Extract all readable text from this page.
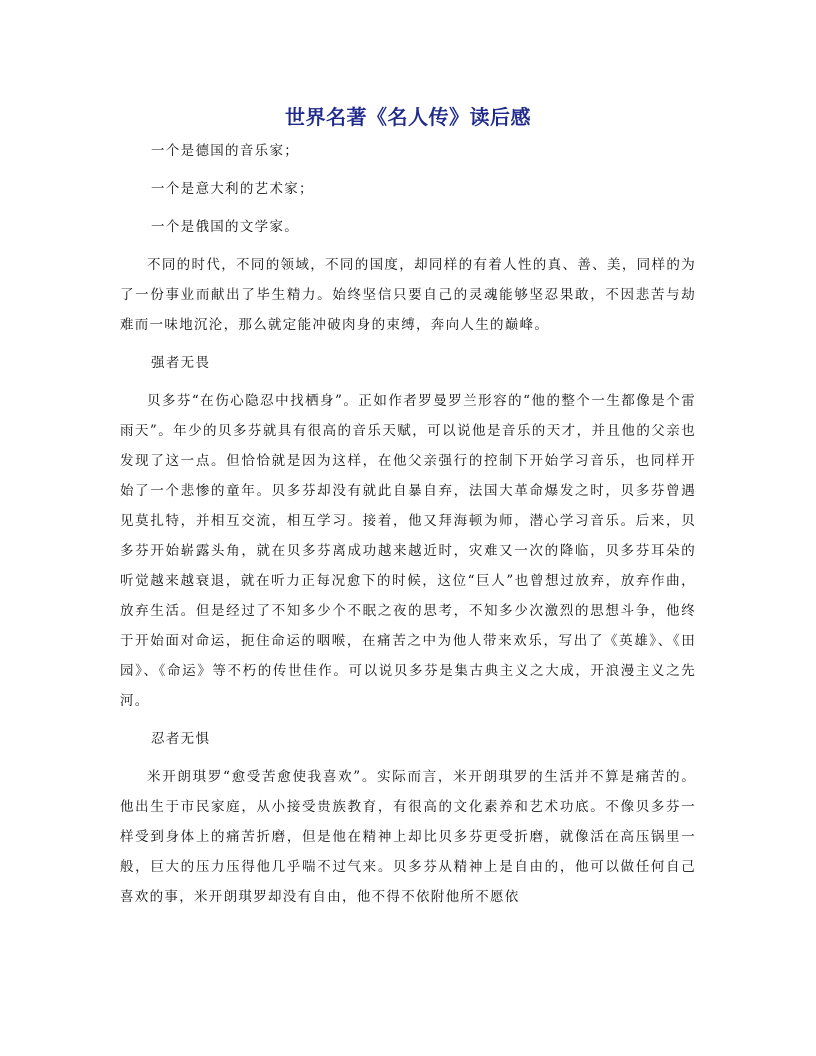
世界名著《名人传》读后感

一个是德国的音乐家；

一个是意大利的艺术家；

一个是俄国的文学家。

不同的时代，不同的领域，不同的国度，却同样的有着人性的真、善、美，同样的为了一份事业而献出了毕生精力。始终坚信只要自己的灵魂能够坚忍果敢，不因悲苦与劫难而一味地沉沦，那么就定能冲破肉身的束缚，奔向人生的巅峰。

强者无畏

贝多芬“在伤心隐忍中找栖身”。正如作者罗曼罗兰形容的“他的整个一生都像是个雷雨天”。年少的贝多芬就具有很高的音乐天赋，可以说他是音乐的天才，并且他的父亲也发现了这一点。但恰恰就是因为这样，在他父亲强行的控制下开始学习音乐，也同样开始了一个悲惨的童年。贝多芬却没有就此自暴自弃，法国大革命爆发之时，贝多芬曾遇见莫扎特，并相互交流，相互学习。接着，他又拜海顿为师，潜心学习音乐。后来，贝多芬开始崭露头角，就在贝多芬离成功越来越近时，灾难又一次的降临，贝多芬耳朵的听觉越来越衰退，就在听力正每况愈下的时候，这位“巨人”也曾想过放弃，放弃作曲，放弃生活。但是经过了不知多少个不眠之夜的思考，不知多少次激烈的思想斗争，他终于开始面对命运，扼住命运的咽喉，在痛苦之中为他人带来欢乐，写出了《英雄》、《田园》、《命运》等不朽的传世佳作。可以说贝多芬是集古典主义之大成，开浪漫主义之先河。

忍者无惧

米开朗琪罗“愈受苦愈使我喜欢”。实际而言，米开朗琪罗的生活并不算是痛苦的。他出生于市民家庭，从小接受贵族教育，有很高的文化素养和艺术功底。不像贝多芬一样受到身体上的痛苦折磨，但是他在精神上却比贝多芬更受折磨，就像活在高压锅里一般，巨大的压力压得他几乎喘不过气来。贝多芬从精神上是自由的，他可以做任何自己喜欢的事，米开朗琪罗却没有自由，他不得不依附他所不愿依
